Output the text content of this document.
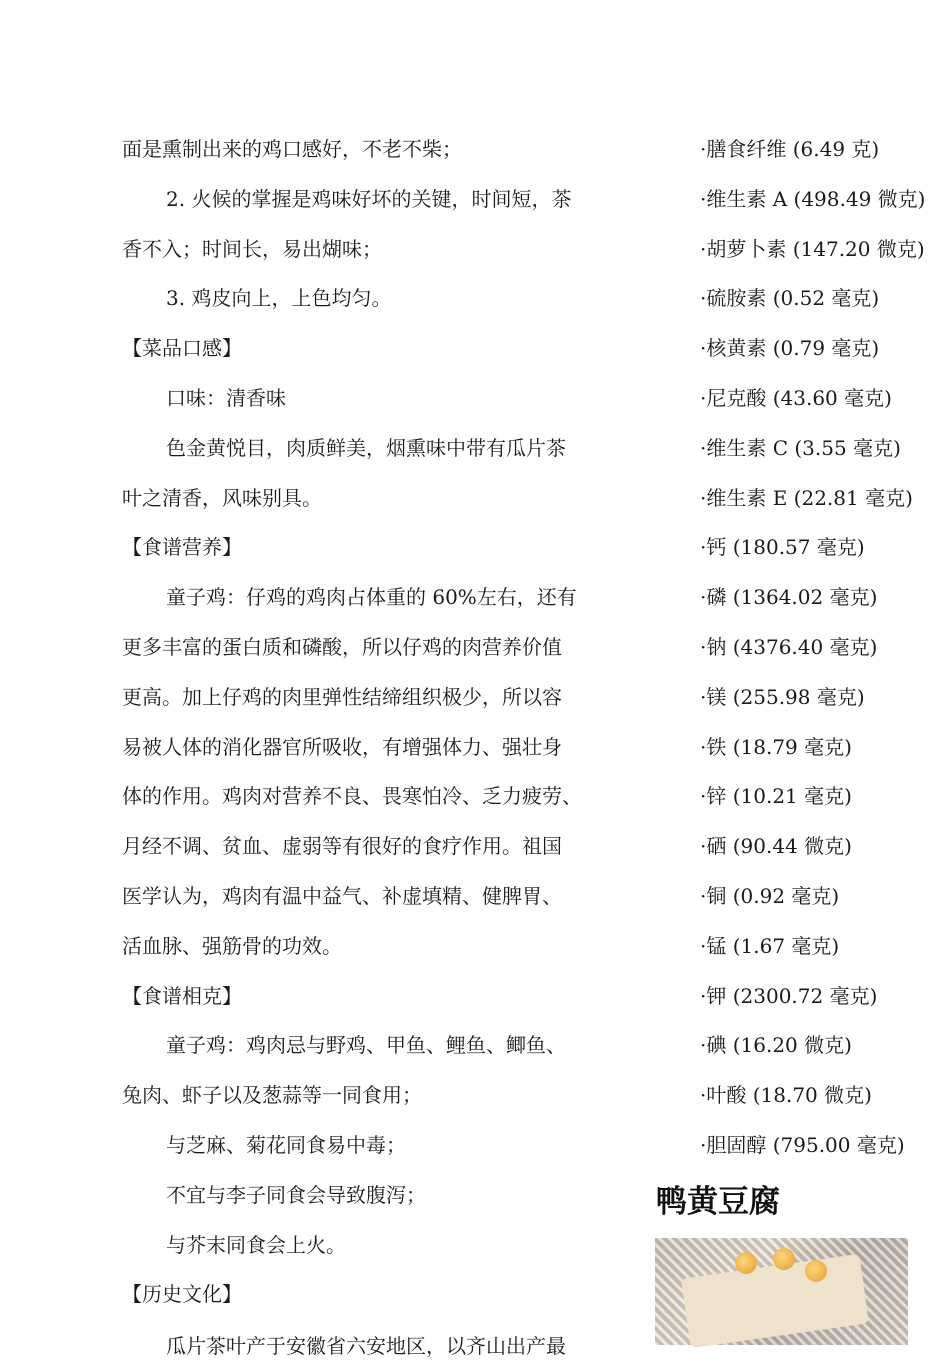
面是熏制出来的鸡口感好，不老不柴；
2. 火候的掌握是鸡味好坏的关键，时间短，茶
香不入；时间长，易出煳味；
3. 鸡皮向上，上色均匀。
【菜品口感】
口味：清香味
色金黄悦目，肉质鲜美，烟熏味中带有瓜片茶
叶之清香，风味别具。
【食谱营养】
童子鸡：仔鸡的鸡肉占体重的 60%左右，还有
更多丰富的蛋白质和磷酸，所以仔鸡的肉营养价值
更高。加上仔鸡的肉里弹性结缔组织极少，所以容
易被人体的消化器官所吸收，有增强体力、强壮身
体的作用。鸡肉对营养不良、畏寒怕冷、乏力疲劳、
月经不调、贫血、虚弱等有很好的食疗作用。祖国
医学认为，鸡肉有温中益气、补虚填精、健脾胃、
活血脉、强筋骨的功效。
【食谱相克】
童子鸡：鸡肉忌与野鸡、甲鱼、鲤鱼、鲫鱼、
兔肉、虾子以及葱蒜等一同食用；
与芝麻、菊花同食易中毒；
不宜与李子同食会导致腹泻；
与芥末同食会上火。
【历史文化】
瓜片茶叶产于安徽省六安地区，以齐山出产最
·膳食纤维 (6.49 克)
·维生素 A (498.49 微克)
·胡萝卜素 (147.20 微克)
·硫胺素 (0.52 毫克)
·核黄素 (0.79 毫克)
·尼克酸 (43.60 毫克)
·维生素 C (3.55 毫克)
·维生素 E (22.81 毫克)
·钙 (180.57 毫克)
·磷 (1364.02 毫克)
·钠 (4376.40 毫克)
·镁 (255.98 毫克)
·铁 (18.79 毫克)
·锌 (10.21 毫克)
·硒 (90.44 微克)
·铜 (0.92 毫克)
·锰 (1.67 毫克)
·钾 (2300.72 毫克)
·碘 (16.20 微克)
·叶酸 (18.70 微克)
·胆固醇 (795.00 毫克)
鸭黄豆腐
